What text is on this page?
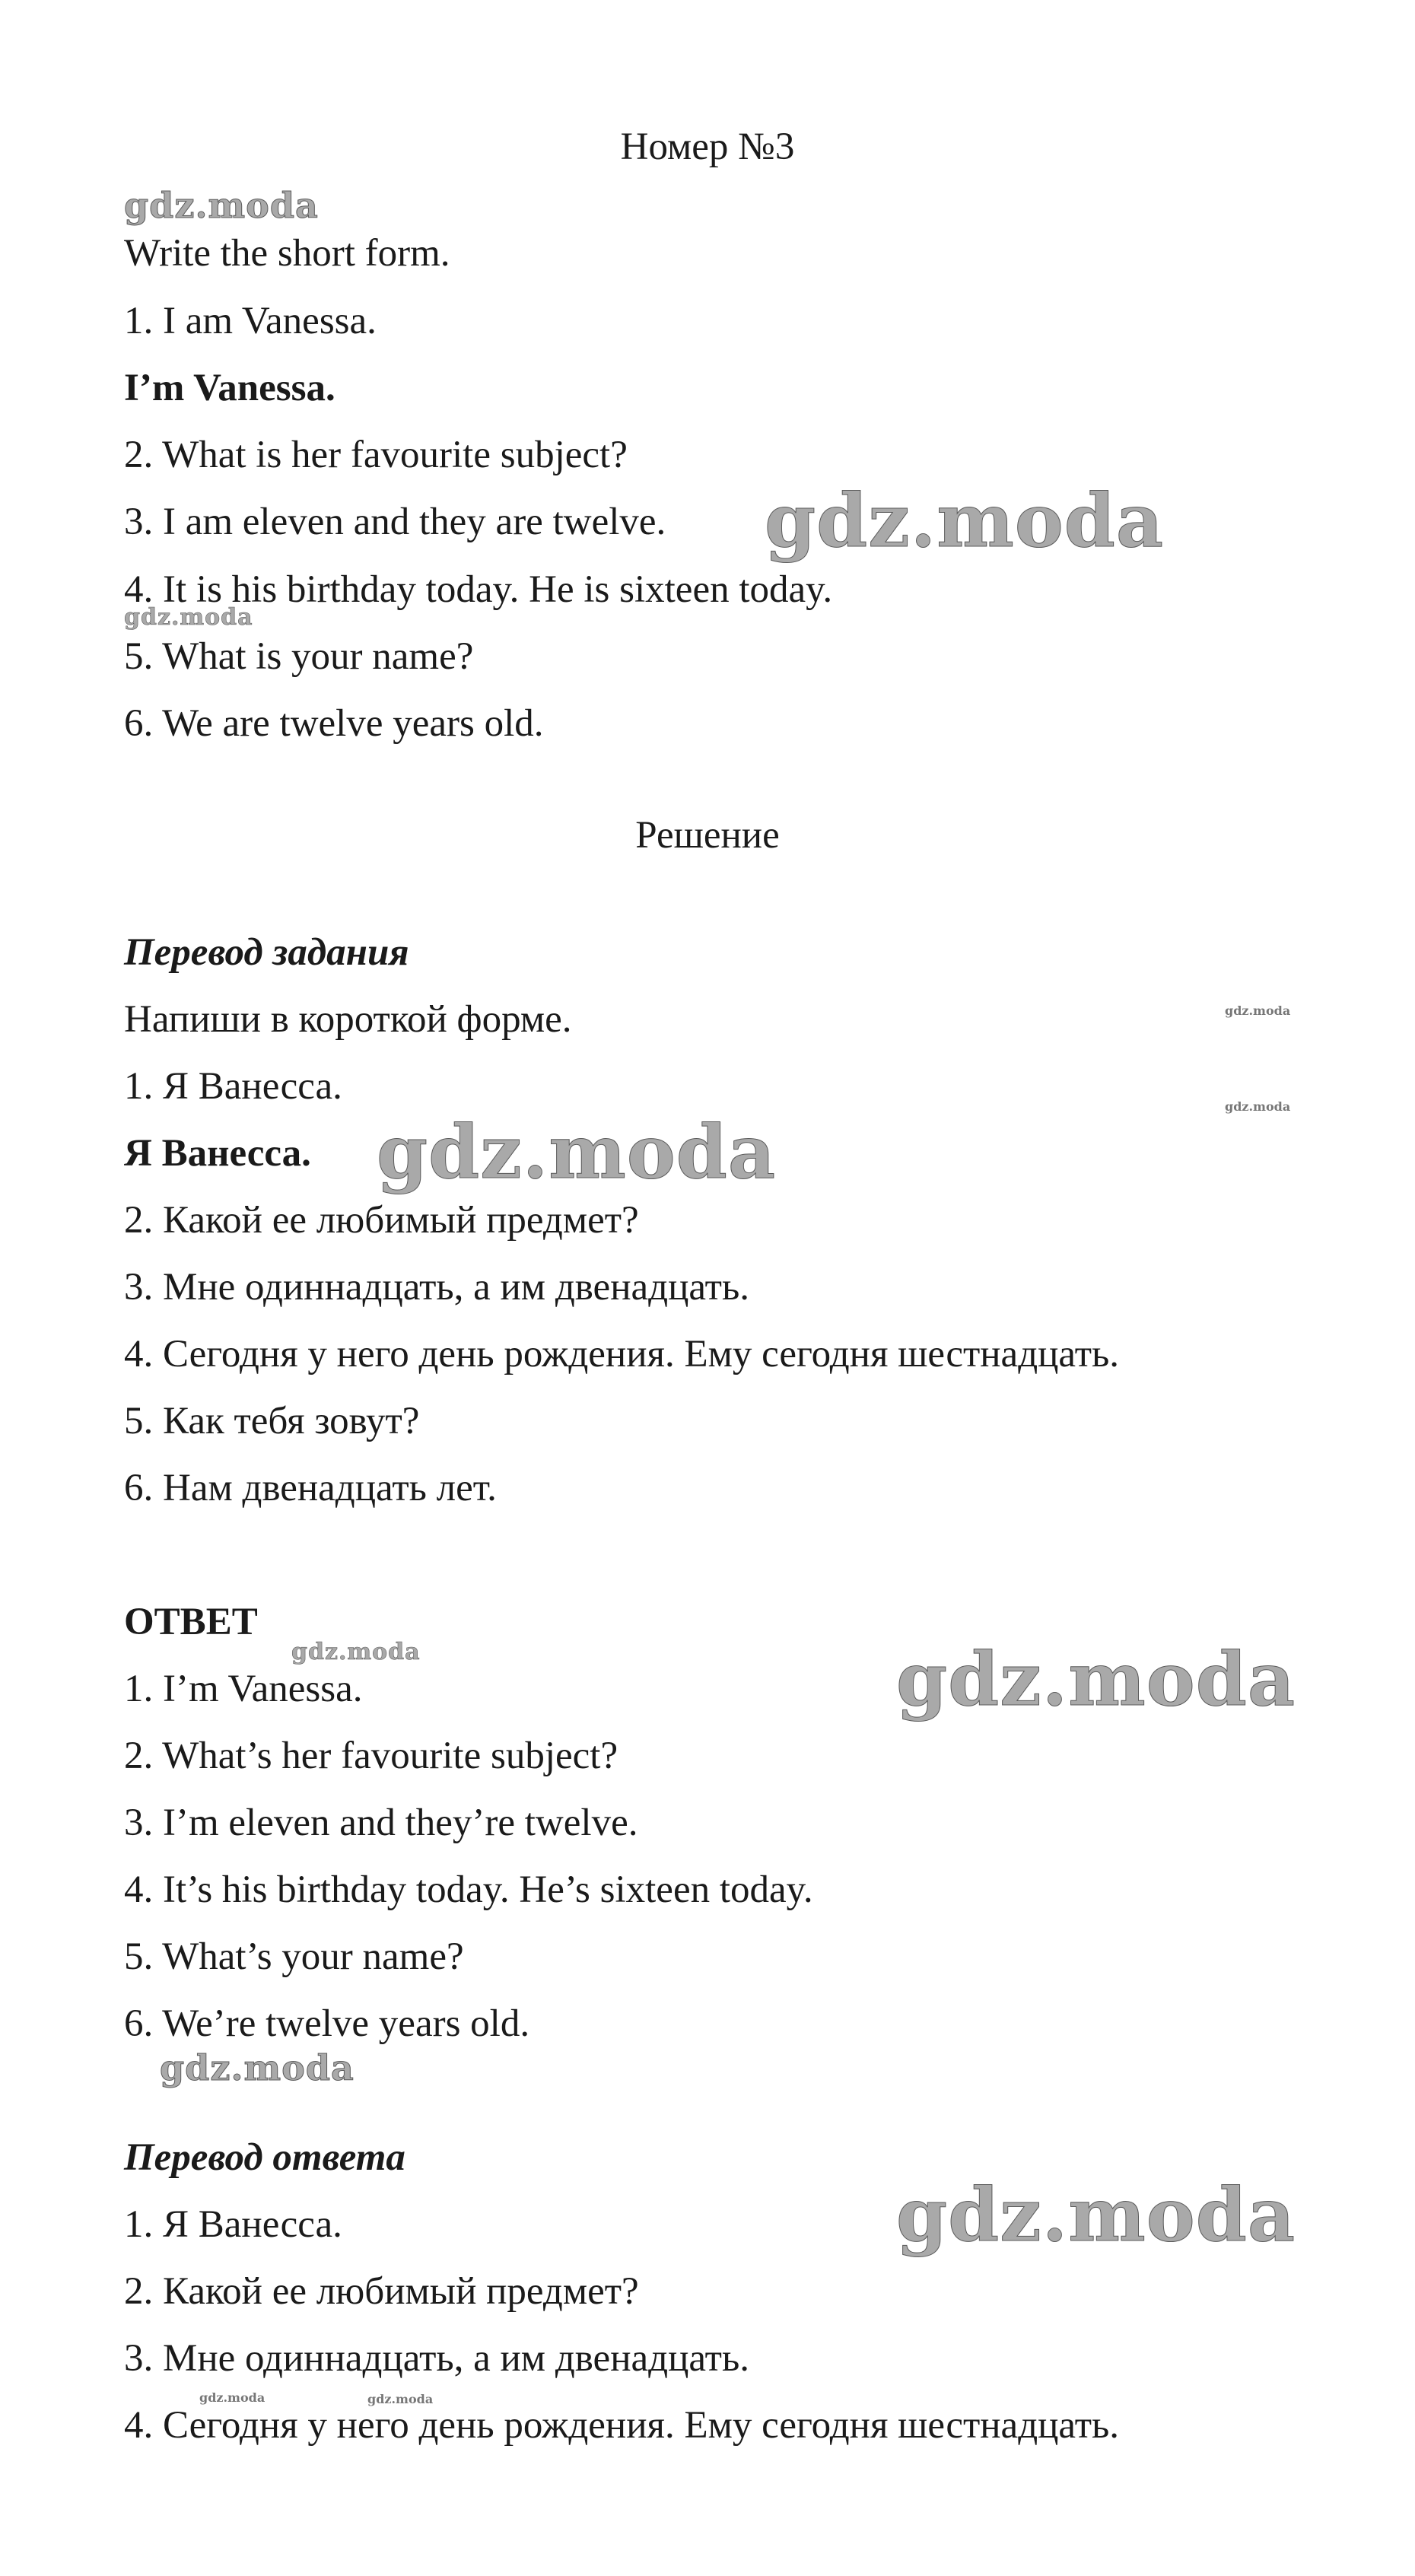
Номер №3

Write the short form.

1. I am Vanessa.

I’m Vanessa.

2. What is her favourite subject?

3. I am eleven and they are twelve.

4. It is his birthday today. He is sixteen today.

5. What is your name?

6. We are twelve years old.

Решение

Перевод задания

Напиши в короткой форме.

1. Я Ванесса.

Я Ванесса.

2. Какой ее любимый предмет?

3. Мне одиннадцать, а им двенадцать.

4. Сегодня у него день рождения. Ему сегодня шестнадцать.

5. Как тебя зовут?

6. Нам двенадцать лет.

ОТВЕТ

1. I’m Vanessa.

2. What’s her favourite subject?

3. I’m eleven and they’re twelve.

4. It’s his birthday today. He’s sixteen today.

5. What’s your name?

6. We’re twelve years old.

Перевод ответа

1. Я Ванесса.

2. Какой ее любимый предмет?

3. Мне одиннадцать, а им двенадцать.

4. Сегодня у него день рождения. Ему сегодня шестнадцать.

gdz.moda
gdz.moda
gdz.moda
gdz.moda
gdz.moda
gdz.moda
gdz.moda	gdz.moda
gdz.moda
gdz.moda
gdz.moda	gdz.moda
